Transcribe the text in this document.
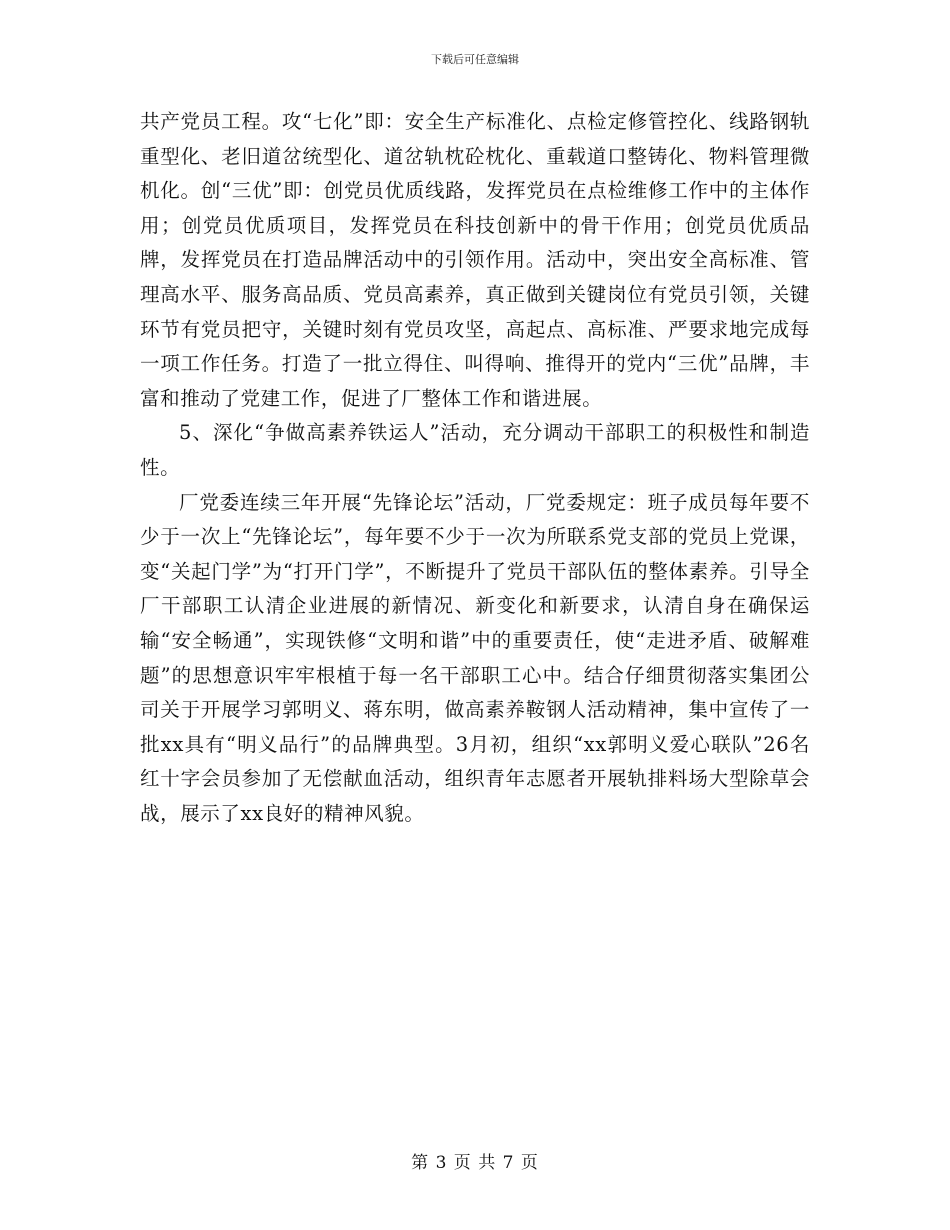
下载后可任意编辑

共产党员工程。攻“七化”即：安全生产标准化、点检定修管控化、线路钢轨重型化、老旧道岔统型化、道岔轨枕砼枕化、重载道口整铸化、物料管理微机化。创“三优”即：创党员优质线路，发挥党员在点检维修工作中的主体作用；创党员优质项目，发挥党员在科技创新中的骨干作用；创党员优质品牌，发挥党员在打造品牌活动中的引领作用。活动中，突出安全高标准、管理高水平、服务高品质、党员高素养，真正做到关键岗位有党员引领，关键环节有党员把守，关键时刻有党员攻坚，高起点、高标准、严要求地完成每一项工作任务。打造了一批立得住、叫得响、推得开的党内“三优”品牌，丰富和推动了党建工作，促进了厂整体工作和谐进展。

5、深化“争做高素养铁运人”活动，充分调动干部职工的积极性和制造性。

厂党委连续三年开展“先锋论坛”活动，厂党委规定：班子成员每年要不少于一次上“先锋论坛”，每年要不少于一次为所联系党支部的党员上党课，变“关起门学”为“打开门学”，不断提升了党员干部队伍的整体素养。引导全厂干部职工认清企业进展的新情况、新变化和新要求，认清自身在确保运输“安全畅通”，实现铁修“文明和谐”中的重要责任，使“走进矛盾、破解难题”的思想意识牢牢根植于每一名干部职工心中。结合仔细贯彻落实集团公司关于开展学习郭明义、蒋东明，做高素养鞍钢人活动精神，集中宣传了一批xx具有“明义品行”的品牌典型。3月初，组织“xx郭明义爱心联队”26名红十字会员参加了无偿献血活动，组织青年志愿者开展轨排料场大型除草会战，展示了xx良好的精神风貌。

第 3 页 共 7 页
